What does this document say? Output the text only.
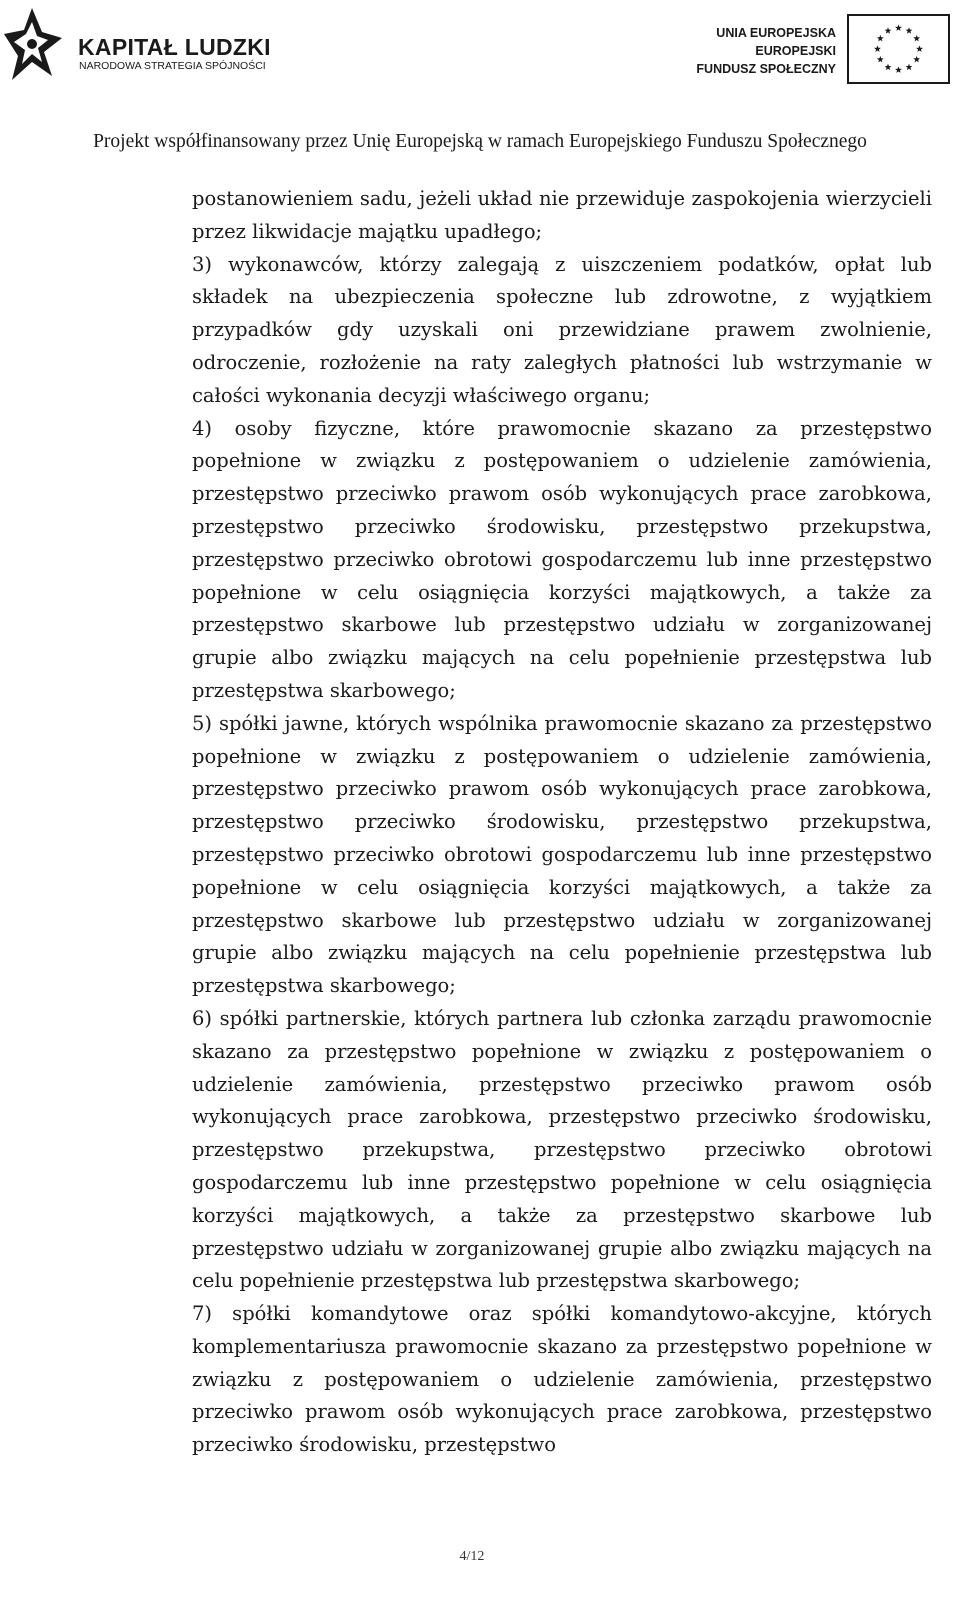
KAPITAŁ LUDZKI
NARODOWA STRATEGIA SPÓJNOŚCI
UNIA EUROPEJSKA
EUROPEJSKI
FUNDUSZ SPOŁECZNY
Projekt współfinansowany przez Unię Europejską w ramach Europejskiego Funduszu Społecznego

postanowieniem sadu, jeżeli układ nie przewiduje zaspokojenia wierzycieli przez likwidacje majątku upadłego;

3) wykonawców, którzy zalegają z uiszczeniem podatków, opłat lub składek na ubezpieczenia społeczne lub zdrowotne, z wyjątkiem przypadków gdy uzyskali oni przewidziane prawem zwolnienie, odroczenie, rozłożenie na raty zaległych płatności lub wstrzymanie w całości wykonania decyzji właściwego organu;

4) osoby fizyczne, które prawomocnie skazano za przestępstwo popełnione w związku z postępowaniem o udzielenie zamówienia, przestępstwo przeciwko prawom osób wykonujących prace zarobkowa, przestępstwo przeciwko środowisku, przestępstwo przekupstwa, przestępstwo przeciwko obrotowi gospodarczemu lub inne przestępstwo popełnione w celu osiągnięcia korzyści majątkowych, a także za przestępstwo skarbowe lub przestępstwo udziału w zorganizowanej grupie albo związku mających na celu popełnienie przestępstwa lub przestępstwa skarbowego;

5) spółki jawne, których wspólnika prawomocnie skazano za przestępstwo popełnione w związku z postępowaniem o udzielenie zamówienia, przestępstwo przeciwko prawom osób wykonujących prace zarobkowa, przestępstwo przeciwko środowisku, przestępstwo przekupstwa, przestępstwo przeciwko obrotowi gospodarczemu lub inne przestępstwo popełnione w celu osiągnięcia korzyści majątkowych, a także za przestępstwo skarbowe lub przestępstwo udziału w zorganizowanej grupie albo związku mających na celu popełnienie przestępstwa lub przestępstwa skarbowego;

6) spółki partnerskie, których partnera lub członka zarządu prawomocnie skazano za przestępstwo popełnione w związku z postępowaniem o udzielenie zamówienia, przestępstwo przeciwko prawom osób wykonujących prace zarobkowa, przestępstwo przeciwko środowisku, przestępstwo przekupstwa, przestępstwo przeciwko obrotowi gospodarczemu lub inne przestępstwo popełnione w celu osiągnięcia korzyści majątkowych, a także za przestępstwo skarbowe lub przestępstwo udziału w zorganizowanej grupie albo związku mających na celu popełnienie przestępstwa lub przestępstwa skarbowego;

7) spółki komandytowe oraz spółki komandytowo-akcyjne, których komplementariusza prawomocnie skazano za przestępstwo popełnione w związku z postępowaniem o udzielenie zamówienia, przestępstwo przeciwko prawom osób wykonujących prace zarobkowa, przestępstwo przeciwko środowisku, przestępstwo

4/12
